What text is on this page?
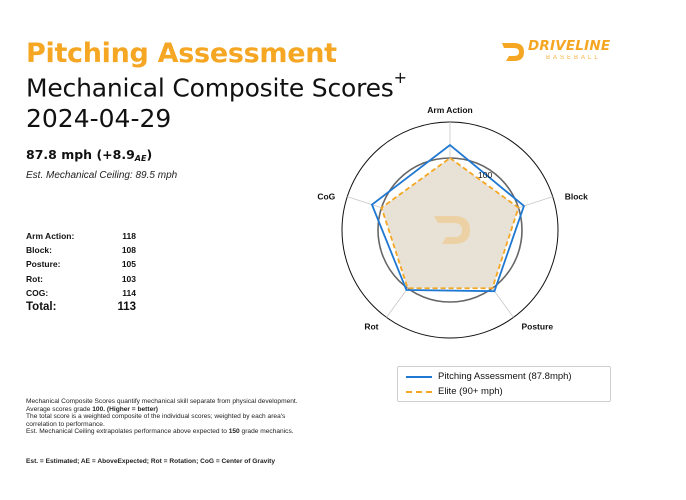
Pitching Assessment
Mechanical Composite Scores+
2024-04-29
DRIVELINE
BASEBALL
87.8 mph (+8.9AE)
Est. Mechanical Ceiling: 89.5 mph
Arm Action:	118
Block:	108
Posture:	105
Rot:	103
COG:	114
Total:	113
100
Arm Action
Block
Posture
Rot
CoG
Pitching Assessment (87.8mph)
Elite (90+ mph)

Mechanical Composite Scores quantify mechanical skill separate from physical development.

Average scores grade 100. (Higher = better)

The total score is a weighted composite of the individual scores; weighted by each area's

correlation to performance.

Est. Mechanical Ceiling extrapolates performance above expected to 150 grade mechanics.

Est. = Estimated; AE = AboveExpected; Rot = Rotation; CoG = Center of Gravity
